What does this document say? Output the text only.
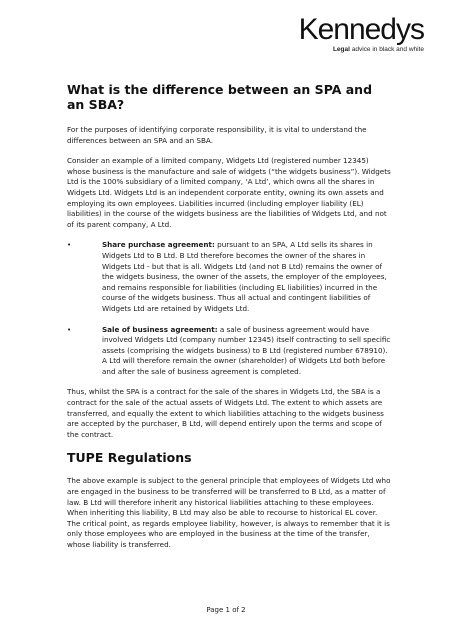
Kennedys
Legal advice in black and white
What is the difference between an SPA and an SBA?

For the purposes of identifying corporate responsibility, it is vital to understand the differences between an SPA and an SBA.

Consider an example of a limited company, Widgets Ltd (registered number 12345) whose business is the manufacture and sale of widgets (“the widgets business”). Widgets Ltd is the 100% subsidiary of a limited company, ‘A Ltd’, which owns all the shares in Widgets Ltd. Widgets Ltd is an independent corporate entity, owning its own assets and employing its own employees. Liabilities incurred (including employer liability (EL) liabilities) in the course of the widgets business are the liabilities of Widgets Ltd, and not of its parent company, A Ltd.

•	Share purchase agreement: pursuant to an SPA, A Ltd sells its shares in Widgets Ltd to B Ltd. B Ltd therefore becomes the owner of the shares in Widgets Ltd - but that is all. Widgets Ltd (and not B Ltd) remains the owner of the widgets business, the owner of the assets, the employer of the employees, and remains responsible for liabilities (including EL liabilities) incurred in the course of the widgets business. Thus all actual and contingent liabilities of Widgets Ltd are retained by Widgets Ltd.
•	Sale of business agreement: a sale of business agreement would have involved Widgets Ltd (company number 12345) itself contracting to sell specific assets (comprising the widgets business) to B Ltd (registered number 678910). A Ltd will therefore remain the owner (shareholder) of Widgets Ltd both before and after the sale of business agreement is completed.

Thus, whilst the SPA is a contract for the sale of the shares in Widgets Ltd, the SBA is a contract for the sale of the actual assets of Widgets Ltd. The extent to which assets are transferred, and equally the extent to which liabilities attaching to the widgets business are accepted by the purchaser, B Ltd, will depend entirely upon the terms and scope of the contract.

TUPE Regulations

The above example is subject to the general principle that employees of Widgets Ltd who are engaged in the business to be transferred will be transferred to B Ltd, as a matter of law. B Ltd will therefore inherit any historical liabilities attaching to these employees. When inheriting this liability, B Ltd may also be able to recourse to historical EL cover. The critical point, as regards employee liability, however, is always to remember that it is only those employees who are employed in the business at the time of the transfer, whose liability is transferred.

Page 1 of 2
